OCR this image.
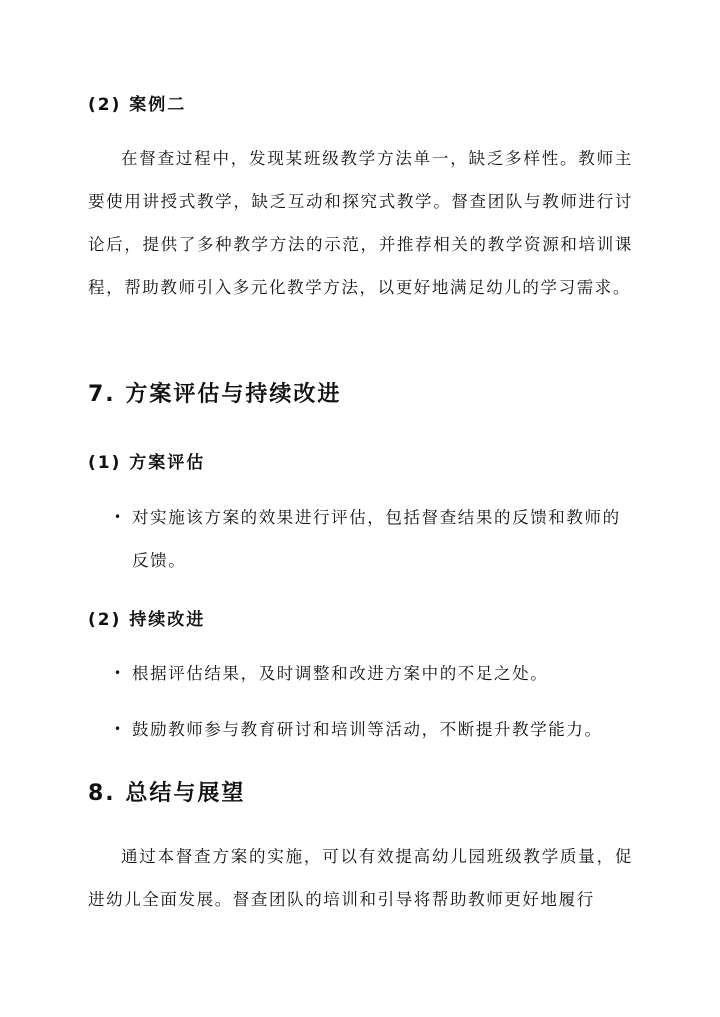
(2) 案例二

在督查过程中，发现某班级教学方法单一，缺乏多样性。教师主要使用讲授式教学，缺乏互动和探究式教学。督查团队与教师进行讨论后，提供了多种教学方法的示范，并推荐相关的教学资源和培训课程，帮助教师引入多元化教学方法，以更好地满足幼儿的学习需求。

7. 方案评估与持续改进
(1) 方案评估
• 对实施该方案的效果进行评估，包括督查结果的反馈和教师的反馈。
(2) 持续改进
• 根据评估结果，及时调整和改进方案中的不足之处。
• 鼓励教师参与教育研讨和培训等活动，不断提升教学能力。
8. 总结与展望

通过本督查方案的实施，可以有效提高幼儿园班级教学质量，促进幼儿全面发展。督查团队的培训和引导将帮助教师更好地履行
